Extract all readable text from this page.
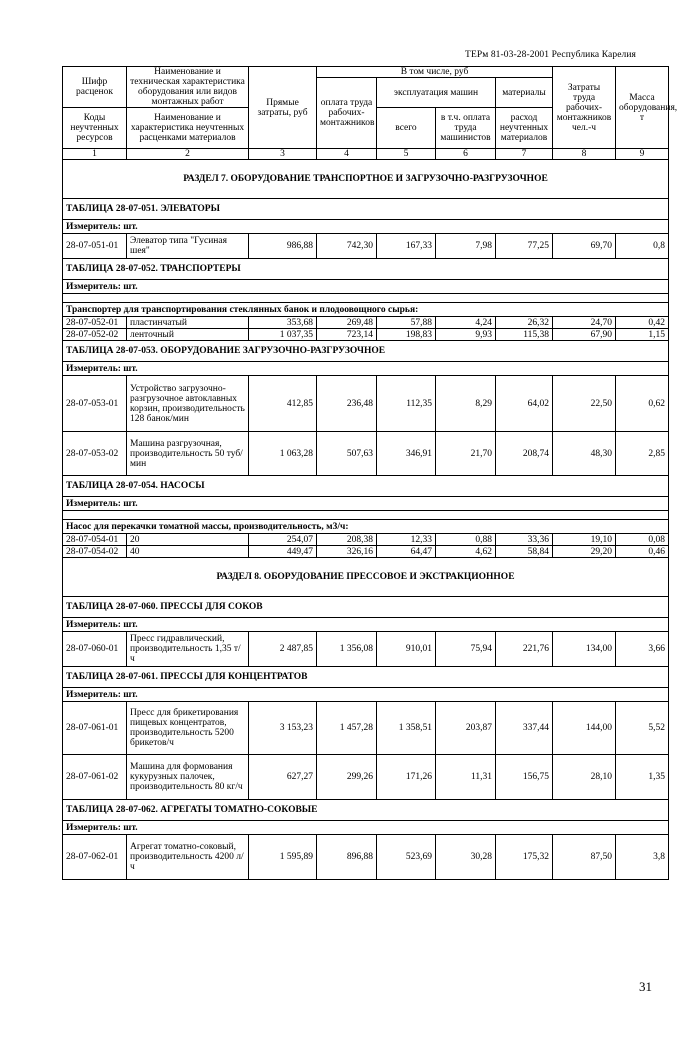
ТЕРм 81-03-28-2001 Республика Карелия
Шифр расценок	Наименование и техническая характеристика оборудования или видов монтажных работ	Прямые затраты, руб	В том числе, руб				Затраты труда рабочих-монтажников чел.-ч	Масса оборудования, т
			оплата труда рабочих-монтажников	эксплуатация машин		материалы		
Коды неучтенных ресурсов	Наименование и характеристика неучтенных расценками материалов			всего	в т.ч. оплата труда машинистов	расход неучтенных материалов		

1	2	3	4	5	6	7	8	9
РАЗДЕЛ 7. ОБОРУДОВАНИЕ ТРАНСПОРТНОЕ И ЗАГРУЗОЧНО-РАЗГРУЗОЧНОЕ								
ТАБЛИЦА 28-07-051. ЭЛЕВАТОРЫ								
Измеритель: шт.								
28-07-051-01	Элеватор типа "Гусиная шея"	986,88	742,30	167,33	7,98	77,25	69,70	0,8
ТАБЛИЦА 28-07-052. ТРАНСПОРТЕРЫ								
Измеритель: шт.								

Транспортер для транспортирования стеклянных банок и плодоовощного сырья:								
28-07-052-01	пластинчатый	353,68	269,48	57,88	4,24	26,32	24,70	0,42
28-07-052-02	ленточный	1 037,35	723,14	198,83	9,93	115,38	67,90	1,15
ТАБЛИЦА 28-07-053. ОБОРУДОВАНИЕ ЗАГРУЗОЧНО-РАЗГРУЗОЧНОЕ								
Измеритель: шт.								
28-07-053-01	Устройство загрузочно-разгрузочное автоклавных корзин, производительность 128 банок/мин	412,85	236,48	112,35	8,29	64,02	22,50	0,62
28-07-053-02	Машина разгрузочная, производительность 50 туб/мин	1 063,28	507,63	346,91	21,70	208,74	48,30	2,85
ТАБЛИЦА 28-07-054. НАСОСЫ								
Измеритель: шт.								

Насос для перекачки томатной массы, производительность, м3/ч:								
28-07-054-01	20	254,07	208,38	12,33	0,88	33,36	19,10	0,08
28-07-054-02	40	449,47	326,16	64,47	4,62	58,84	29,20	0,46
РАЗДЕЛ 8. ОБОРУДОВАНИЕ ПРЕССОВОЕ И ЭКСТРАКЦИОННОЕ								
ТАБЛИЦА 28-07-060. ПРЕССЫ ДЛЯ СОКОВ								
Измеритель: шт.								
28-07-060-01	Пресс гидравлический, производительность 1,35 т/ч	2 487,85	1 356,08	910,01	75,94	221,76	134,00	3,66
ТАБЛИЦА 28-07-061. ПРЕССЫ ДЛЯ КОНЦЕНТРАТОВ								
Измеритель: шт.								
28-07-061-01	Пресс для брикетирования пищевых концентратов, производительность 5200 брикетов/ч	3 153,23	1 457,28	1 358,51	203,87	337,44	144,00	5,52
28-07-061-02	Машина для формования кукурузных палочек, производительность 80 кг/ч	627,27	299,26	171,26	11,31	156,75	28,10	1,35
ТАБЛИЦА 28-07-062. АГРЕГАТЫ ТОМАТНО-СОКОВЫЕ								
Измеритель: шт.								
28-07-062-01	Агрегат томатно-соковый, производительность 4200 л/ч	1 595,89	896,88	523,69	30,28	175,32	87,50	3,8
31
